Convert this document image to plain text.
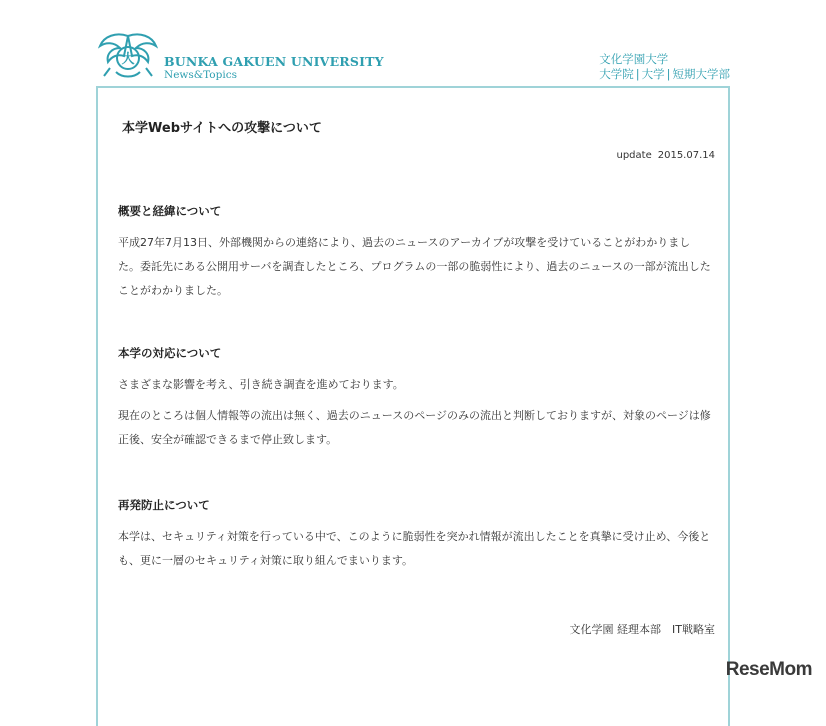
大 BUNKA GAKUEN UNIVERSITY
News&Topics
文化学園大学
大学院 | 大学 | 短期大学部
本学Webサイトへの攻撃について
update 2015.07.14
概要と経緯について
平成27年7月13日、外部機関からの連絡により、過去のニュースのアーカイブが攻撃を受けていることがわかりました。委託先にある公開用サーバを調査したところ、プログラムの一部の脆弱性により、過去のニュースの一部が流出したことがわかりました。
本学の対応について
さまざまな影響を考え、引き続き調査を進めております。
現在のところは個人情報等の流出は無く、過去のニュースのページのみの流出と判断しておりますが、対象のページは修正後、安全が確認できるまで停止致します。
再発防止について
本学は、セキュリティ対策を行っている中で、このように脆弱性を突かれ情報が流出したことを真摯に受け止め、今後とも、更に一層のセキュリティ対策に取り組んでまいります。
文化学園 経理本部　IT戦略室
ReseMom
